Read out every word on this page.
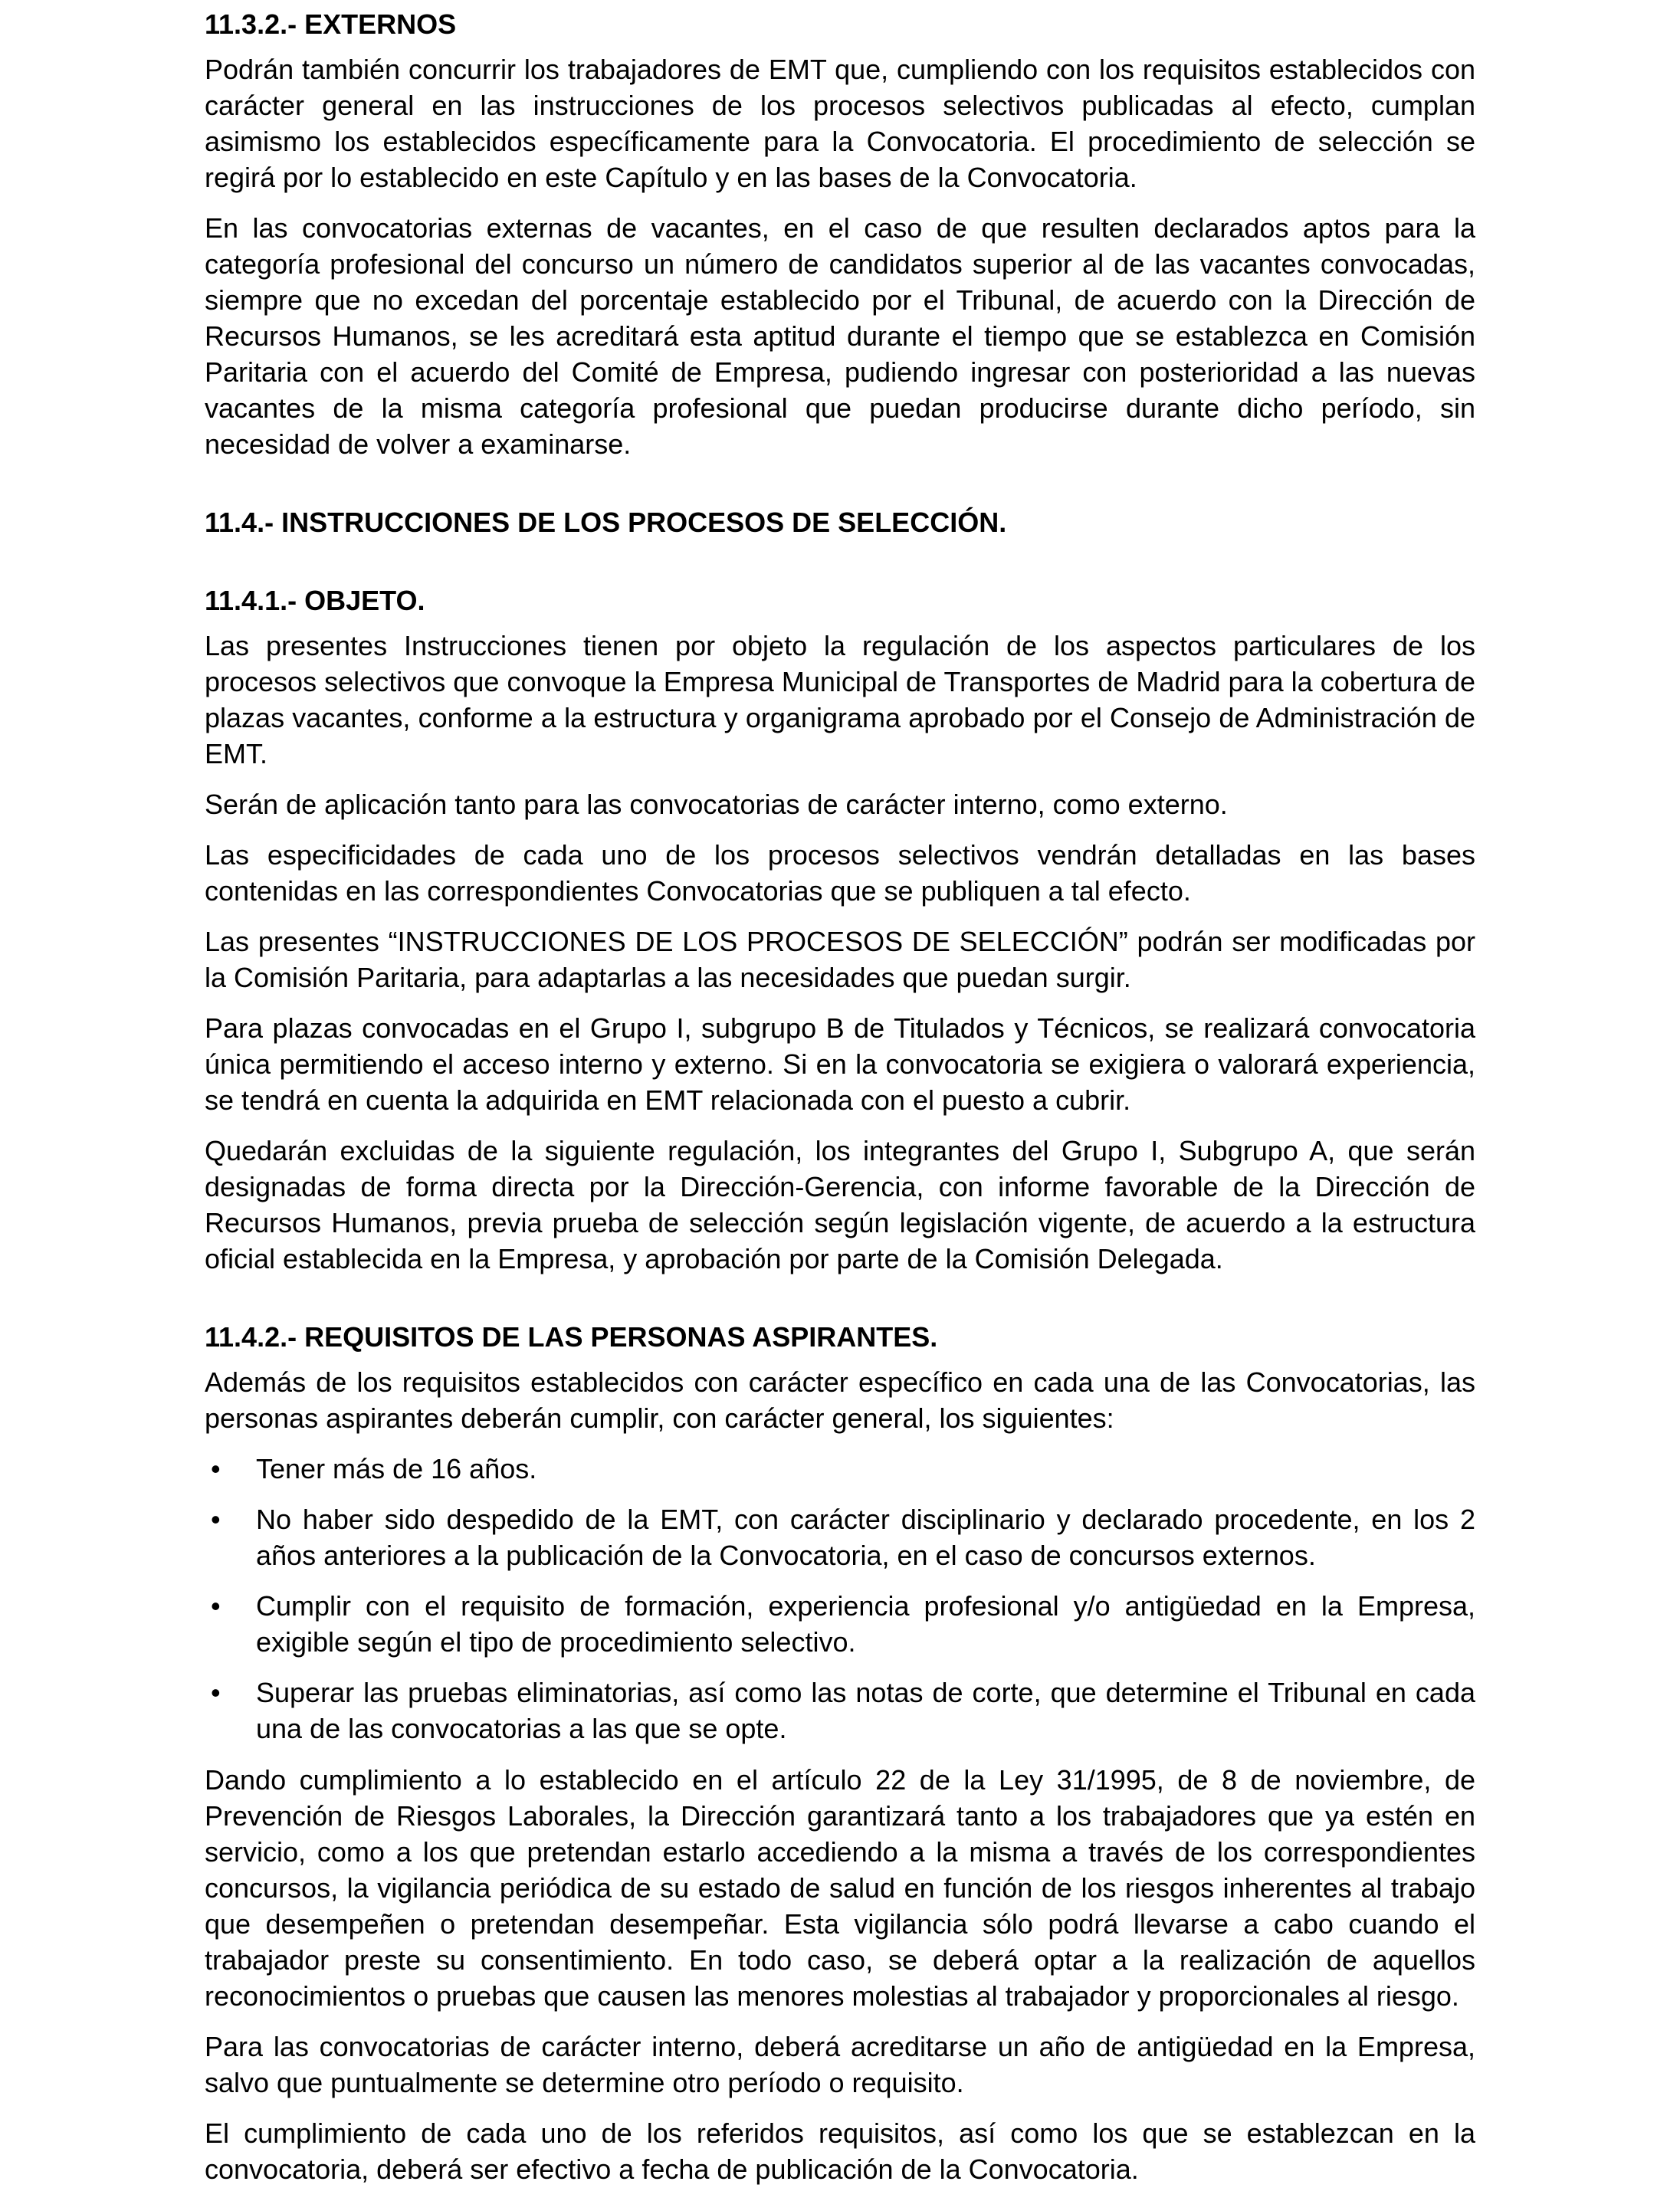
11.3.2.- EXTERNOS

Podrán también concurrir los trabajadores de EMT que, cumpliendo con los requisitos establecidos con carácter general en las instrucciones de los procesos selectivos publicadas al efecto, cumplan asimismo los establecidos específicamente para la Convocatoria. El procedimiento de selección se regirá por lo establecido en este Capítulo y en las bases de la Convocatoria.

En las convocatorias externas de vacantes, en el caso de que resulten declarados aptos para la categoría profesional del concurso un número de candidatos superior al de las vacantes convocadas, siempre que no excedan del porcentaje establecido por el Tribunal, de acuerdo con la Dirección de Recursos Humanos, se les acreditará esta aptitud durante el tiempo que se establezca en Comisión Paritaria con el acuerdo del Comité de Empresa, pudiendo ingresar con posterioridad a las nuevas vacantes de la misma categoría profesional que puedan producirse durante dicho período, sin necesidad de volver a examinarse.

11.4.- INSTRUCCIONES DE LOS PROCESOS DE SELECCIÓN.
11.4.1.- OBJETO.

Las presentes Instrucciones tienen por objeto la regulación de los aspectos particulares de los procesos selectivos que convoque la Empresa Municipal de Transportes de Madrid para la cobertura de plazas vacantes, conforme a la estructura y organigrama aprobado por el Consejo de Administración de EMT.

Serán de aplicación tanto para las convocatorias de carácter interno, como externo.

Las especificidades de cada uno de los procesos selectivos vendrán detalladas en las bases contenidas en las correspondientes Convocatorias que se publiquen a tal efecto.

Las presentes “INSTRUCCIONES DE LOS PROCESOS DE SELECCIÓN” podrán ser modificadas por la Comisión Paritaria, para adaptarlas a las necesidades que puedan surgir.

Para plazas convocadas en el Grupo I, subgrupo B de Titulados y Técnicos, se realizará convocatoria única permitiendo el acceso interno y externo. Si en la convocatoria se exigiera o valorará experiencia, se tendrá en cuenta la adquirida en EMT relacionada con el puesto a cubrir.

Quedarán excluidas de la siguiente regulación, los integrantes del Grupo I, Subgrupo A, que serán designadas de forma directa por la Dirección-Gerencia, con informe favorable de la Dirección de Recursos Humanos, previa prueba de selección según legislación vigente, de acuerdo a la estructura oficial establecida en la Empresa, y aprobación por parte de la Comisión Delegada.

11.4.2.- REQUISITOS DE LAS PERSONAS ASPIRANTES.

Además de los requisitos establecidos con carácter específico en cada una de las Convocatorias, las personas aspirantes deberán cumplir, con carácter general, los siguientes:

• Tener más de 16 años.
• No haber sido despedido de la EMT, con carácter disciplinario y declarado procedente, en los 2 años anteriores a la publicación de la Convocatoria, en el caso de concursos externos.
• Cumplir con el requisito de formación, experiencia profesional y/o antigüedad en la Empresa, exigible según el tipo de procedimiento selectivo.
• Superar las pruebas eliminatorias, así como las notas de corte, que determine el Tribunal en cada una de las convocatorias a las que se opte.

Dando cumplimiento a lo establecido en el artículo 22 de la Ley 31/1995, de 8 de noviembre, de Prevención de Riesgos Laborales, la Dirección garantizará tanto a los trabajadores que ya estén en servicio, como a los que pretendan estarlo accediendo a la misma a través de los correspondientes concursos, la vigilancia periódica de su estado de salud en función de los riesgos inherentes al trabajo que desempeñen o pretendan desempeñar. Esta vigilancia sólo podrá llevarse a cabo cuando el trabajador preste su consentimiento. En todo caso, se deberá optar a la realización de aquellos reconocimientos o pruebas que causen las menores molestias al trabajador y proporcionales al riesgo.

Para las convocatorias de carácter interno, deberá acreditarse un año de antigüedad en la Empresa, salvo que puntualmente se determine otro período o requisito.

El cumplimiento de cada uno de los referidos requisitos, así como los que se establezcan en la convocatoria, deberá ser efectivo a fecha de publicación de la Convocatoria.
